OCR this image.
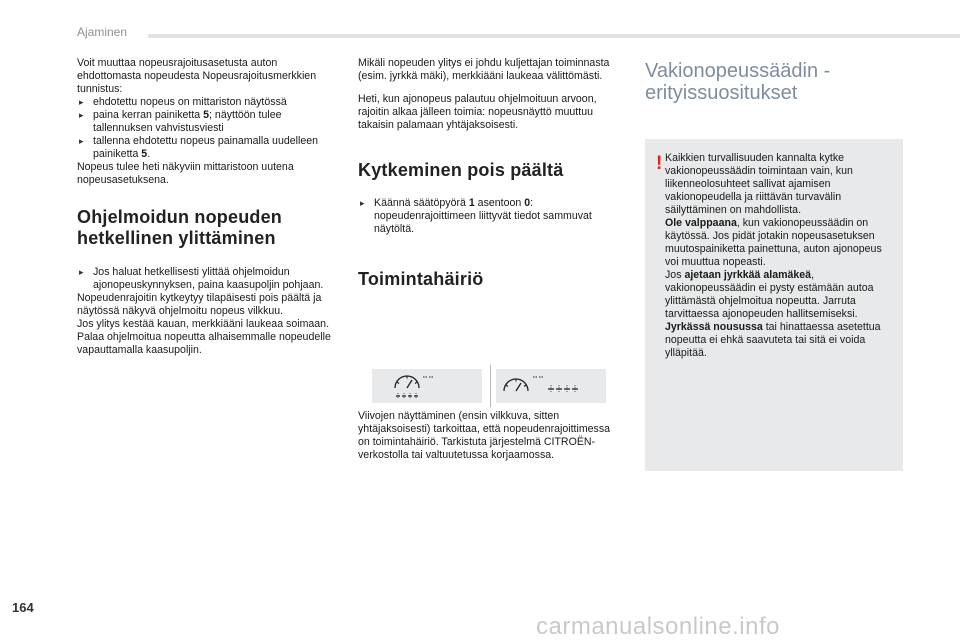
Ajaminen

Voit muuttaa nopeusrajoitusasetusta auton ehdottomasta nopeudesta Nopeusrajoitusmerkkien tunnistus:

▸ ehdotettu nopeus on mittariston näytössä
▸ paina kerran painiketta 5; näyttöön tulee tallennuksen vahvistusviesti
▸ tallenna ehdotettu nopeus painamalla uudelleen painiketta 5.

Nopeus tulee heti näkyviin mittaristoon uutena nopeusasetuksena.

Ohjelmoidun nopeuden hetkellinen ylittäminen
▸ Jos haluat hetkellisesti ylittää ohjelmoidun ajonopeuskynnyksen, paina kaasupoljin pohjaan.
Nopeudenrajoitin kytkeytyy tilapäisesti pois päältä ja näytössä näkyvä ohjelmoitu nopeus vilkkuu.
Jos ylitys kestää kauan, merkkiääni laukeaa soimaan.
Palaa ohjelmoitua nopeutta alhaisemmalle nopeudelle vapauttamalla kaasupoljin.

Mikäli nopeuden ylitys ei johdu kuljettajan toiminnasta (esim. jyrkkä mäki), merkkiääni laukeaa välittömästi.

Heti, kun ajonopeus palautuu ohjelmoituun arvoon, rajoitin alkaa jälleen toimia: nopeusnäyttö muuttuu takaisin palamaan yhtäjaksoisesti.

Kytkeminen pois päältä
▸ Käännä säätöpyörä 1 asentoon 0: nopeudenrajoittimeen liittyvät tiedot sammuvat näytöltä.
Toimintahäiriö

Viivojen näyttäminen (ensin vilkkuva, sitten yhtäjaksoisesti) tarkoittaa, että nopeudenrajoittimessa on toimintahäiriö. Tarkistuta järjestelmä CITROËN-verkostolla tai valtuutetussa korjaamossa.

Vakionopeussäädin - erityissuositukset
! Kaikkien turvallisuuden kannalta kytke vakionopeussäädin toimintaan vain, kun liikenneolosuhteet sallivat ajamisen vakionopeudella ja riittävän turvavälin säilyttäminen on mahdollista.
Ole valppaana, kun vakionopeussäädin on käytössä. Jos pidät jotakin nopeusasetuksen muutospainiketta painettuna, auton ajonopeus voi muuttua nopeasti.
Jos ajetaan jyrkkää alamäkeä, vakionopeussäädin ei pysty estämään autoa ylittämästä ohjelmoitua nopeutta. Jarruta tarvittaessa ajonopeuden hallitsemiseksi.
Jyrkässä nousussa tai hinattaessa asetettua nopeutta ei ehkä saavuteta tai sitä ei voida ylläpitää.
164
carmanualsonline.info
